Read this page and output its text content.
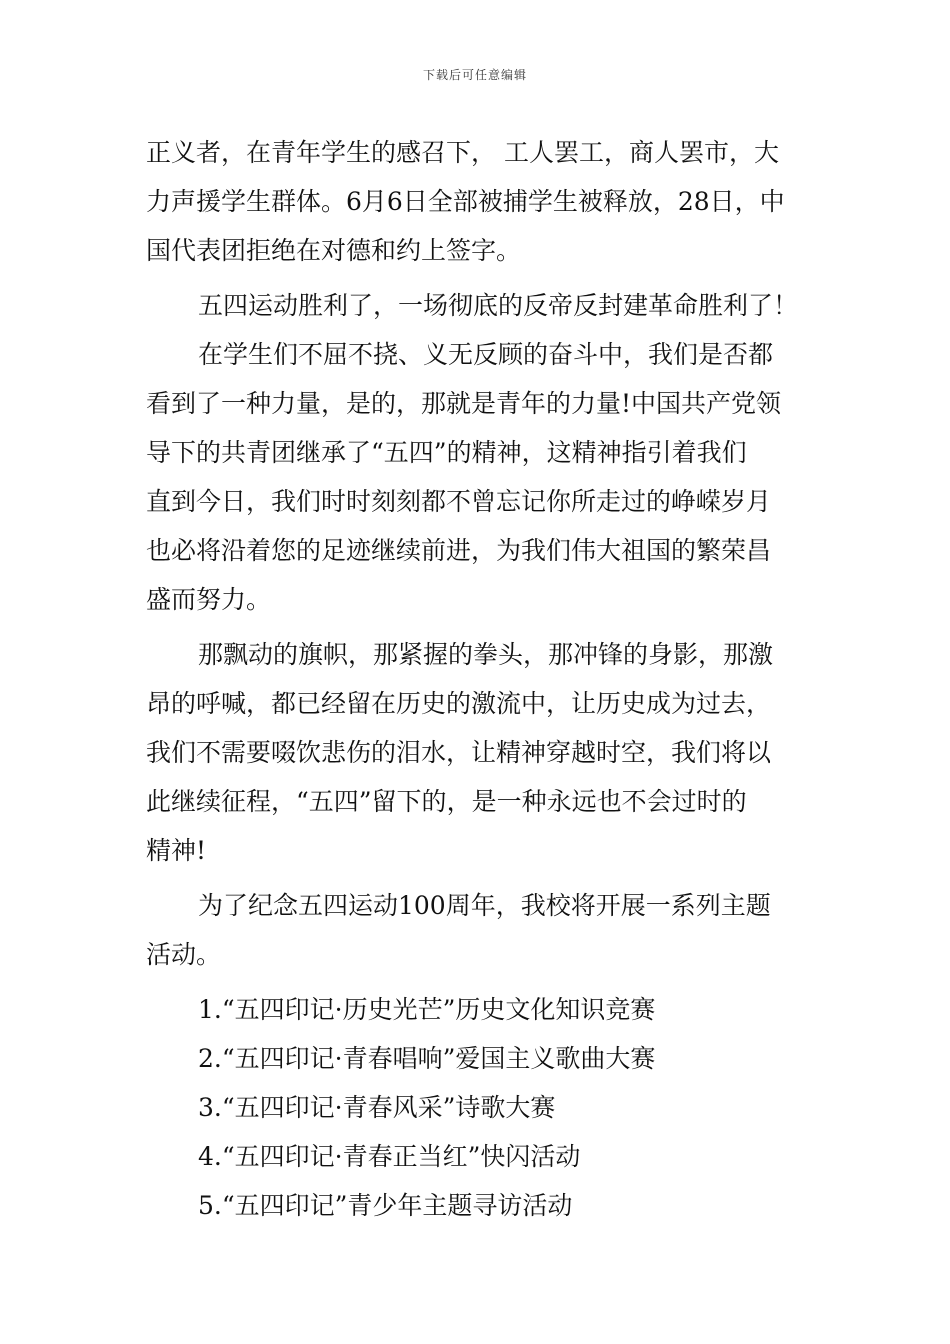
下载后可任意编辑
正义者，在青年学生的感召下， 工人罢工，商人罢市，大
力声援学生群体。6月6日全部被捕学生被释放，28日，中
国代表团拒绝在对德和约上签字。
五四运动胜利了，一场彻底的反帝反封建革命胜利了！
在学生们不屈不挠、义无反顾的奋斗中，我们是否都
看到了一种力量，是的，那就是青年的力量!中国共产党领
导下的共青团继承了“五四”的精神，这精神指引着我们
直到今日，我们时时刻刻都不曾忘记你所走过的峥嵘岁月
也必将沿着您的足迹继续前进，为我们伟大祖国的繁荣昌
盛而努力。
那飘动的旗帜，那紧握的拳头，那冲锋的身影，那激
昂的呼喊，都已经留在历史的激流中，让历史成为过去，
我们不需要啜饮悲伤的泪水，让精神穿越时空，我们将以
此继续征程，“五四”留下的，是一种永远也不会过时的
精神!
为了纪念五四运动100周年，我校将开展一系列主题
活动。
1.“五四印记·历史光芒”历史文化知识竞赛
2.“五四印记·青春唱响”爱国主义歌曲大赛
3.“五四印记·青春风采”诗歌大赛
4.“五四印记·青春正当红”快闪活动
5.“五四印记”青少年主题寻访活动
